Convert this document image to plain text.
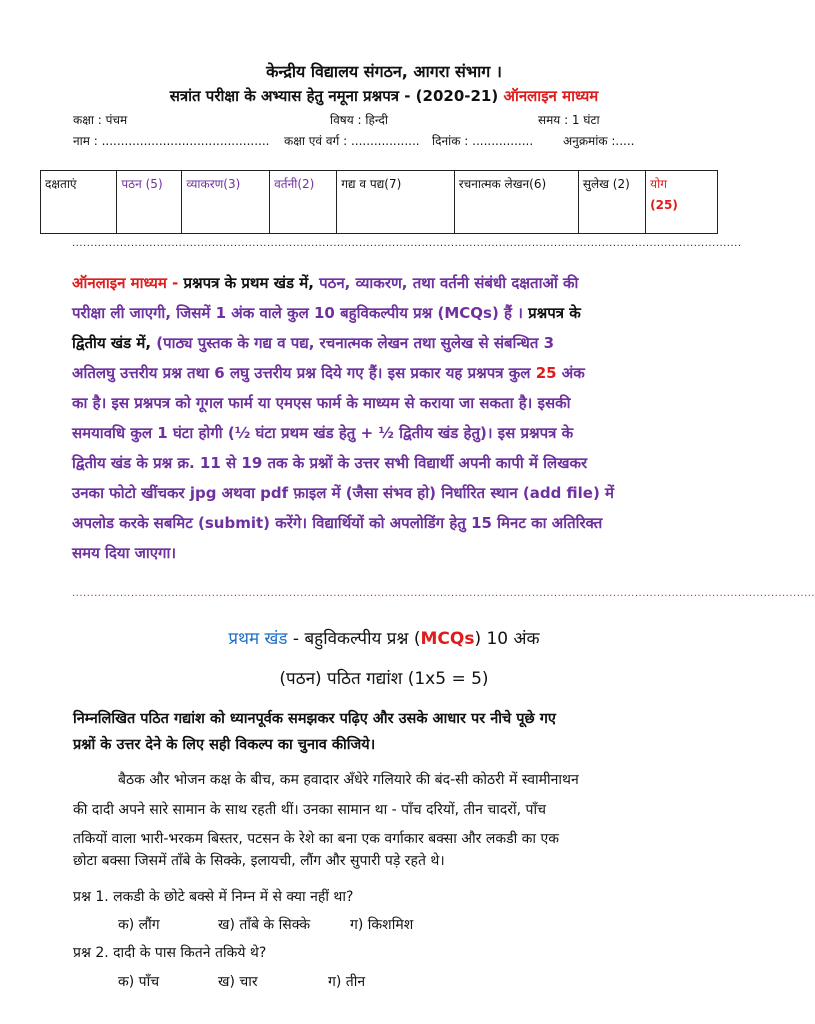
केन्द्रीय विद्यालय संगठन, आगरा संभाग ।
सत्रांत परीक्षा के अभ्यास हेतु नमूना प्रश्नपत्र - (2020-21) ऑनलाइन माध्यम
कक्षा : पंचम	विषय : हिन्दी	समय : 1 घंटा
नाम : ............................................ कक्षा एवं वर्ग : .................. दिनांक : ................ अनुक्रमांक :.....
दक्षताएं	पठन (5)	व्याकरण(3)	वर्तनी(2)	गद्य व पद्य(7)	रचनात्मक लेखन(6)	सुलेख (2)	योग
(25)
......................................................................................................................................................................................
ऑनलाइन माध्यम - प्रश्नपत्र के प्रथम खंड में, पठन, व्याकरण, तथा वर्तनी संबंधी दक्षताओं की
परीक्षा ली जाएगी, जिसमें 1 अंक वाले कुल 10 बहुविकल्पीय प्रश्न (MCQs) हैं । प्रश्नपत्र के
द्वितीय खंड में, (पाठ्य पुस्तक के गद्य व पद्य, रचनात्मक लेखन तथा सुलेख से संबन्धित 3
अतिलघु उत्तरीय प्रश्न तथा 6 लघु उत्तरीय प्रश्न दिये गए हैं। इस प्रकार यह प्रश्नपत्र कुल 25 अंक
का है। इस प्रश्नपत्र को गूगल फार्म या एमएस फार्म के माध्यम से कराया जा सकता है। इसकी
समयावधि कुल 1 घंटा होगी (½ घंटा प्रथम खंड हेतु + ½ द्वितीय खंड हेतु)। इस प्रश्नपत्र के
द्वितीय खंड के प्रश्न क्र. 11 से 19 तक के प्रश्नों के उत्तर सभी विद्यार्थी अपनी कापी में लिखकर
उनका फोटो खींचकर jpg अथवा pdf फ़ाइल में (जैसा संभव हो) निर्धारित स्थान (add file) में
अपलोड करके सबमिट (submit) करेंगे। विद्यार्थियों को अपलोडिंग हेतु 15 मिनट का अतिरिक्त
समय दिया जाएगा।
..........................................................................................................................................................................................................
प्रथम खंड - बहुविकल्पीय प्रश्न (MCQs) 10 अंक
(पठन) पठित गद्यांश (1x5 = 5)
निम्नलिखित पठित गद्यांश को ध्यानपूर्वक समझकर पढ़िए और उसके आधार पर नीचे पूछे गए
प्रश्नों के उत्तर देने के लिए सही विकल्प का चुनाव कीजिये।
बैठक और भोजन कक्ष के बीच, कम हवादार अँधेरे गलियारे की बंद-सी कोठरी में स्वामीनाथन
की दादी अपने सारे सामान के साथ रहती थीं। उनका सामान था - पाँच दरियों, तीन चादरों, पाँच
तकियों वाला भारी-भरकम बिस्तर, पटसन के रेशे का बना एक वर्गाकार बक्सा और लकडी का एक
छोटा बक्सा जिसमें ताँबे के सिक्के, इलायची, लौंग और सुपारी पड़े रहते थे।
प्रश्न 1. लकडी के छोटे बक्से में निम्न में से क्या नहीं था?
क) लौंग	ख) ताँबे के सिक्के	ग) किशमिश
प्रश्न 2. दादी के पास कितने तकिये थे?
क) पाँच	ख) चार	ग) तीन
